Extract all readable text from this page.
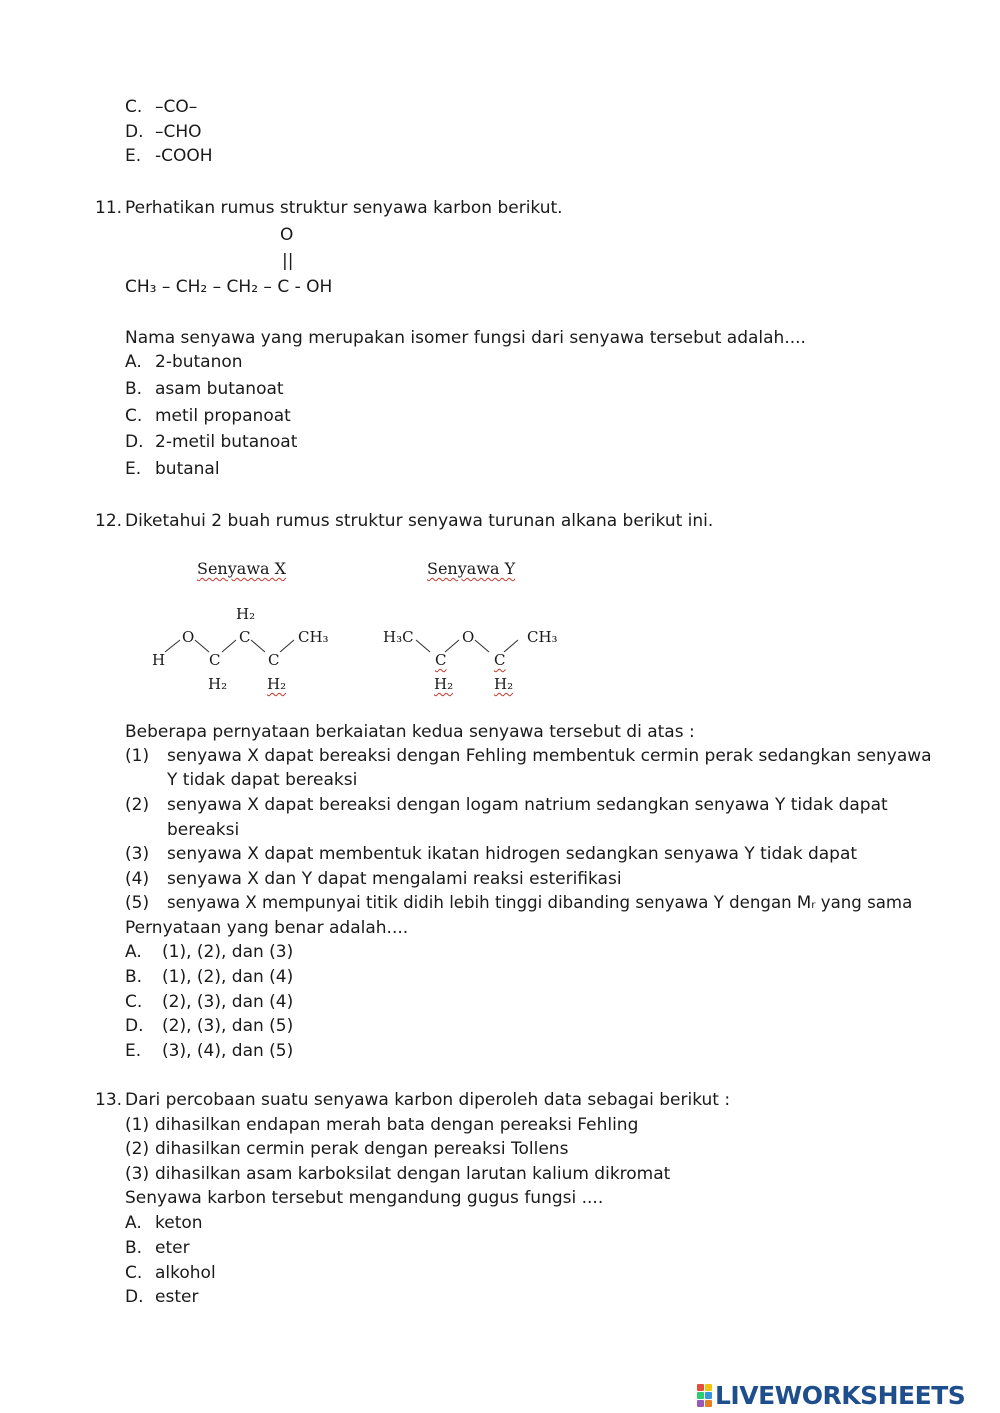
C. –CO–
D. –CHO
E. -COOH
11. Perhatikan rumus struktur senyawa karbon berikut.
O
||
CH₃ – CH₂ – CH₂ – C - OH
Nama senyawa yang merupakan isomer fungsi dari senyawa tersebut adalah....
A. 2-butanon
B. asam butanoat
C. metil propanoat
D. 2-metil butanoat
E. butanal
12. Diketahui 2 buah rumus struktur senyawa turunan alkana berikut ini.
Senyawa X	Senyawa Y
H
O
C
C
C
CH₃
H₂
H₂	H₂
H₃C
C
O
C
CH₃
H₂	H₂
Beberapa pernyataan berkaiatan kedua senyawa tersebut di atas :
(1) senyawa X dapat bereaksi dengan Fehling membentuk cermin perak sedangkan senyawa
Y tidak dapat bereaksi
(2) senyawa X dapat bereaksi dengan logam natrium sedangkan senyawa Y tidak dapat
bereaksi
(3) senyawa X dapat membentuk ikatan hidrogen sedangkan senyawa Y tidak dapat
(4) senyawa X dan Y dapat mengalami reaksi esterifikasi
(5) senyawa X mempunyai titik didih lebih tinggi dibanding senyawa Y dengan Mᵣ yang sama
Pernyataan yang benar adalah....
A. (1), (2), dan (3)
B. (1), (2), dan (4)
C. (2), (3), dan (4)
D. (2), (3), dan (5)
E. (3), (4), dan (5)
13. Dari percobaan suatu senyawa karbon diperoleh data sebagai berikut :
(1) dihasilkan endapan merah bata dengan pereaksi Fehling
(2) dihasilkan cermin perak dengan pereaksi Tollens
(3) dihasilkan asam karboksilat dengan larutan kalium dikromat
Senyawa karbon tersebut mengandung gugus fungsi ....
A. keton
B. eter
C. alkohol
D. ester
LIVEWORKSHEETS
